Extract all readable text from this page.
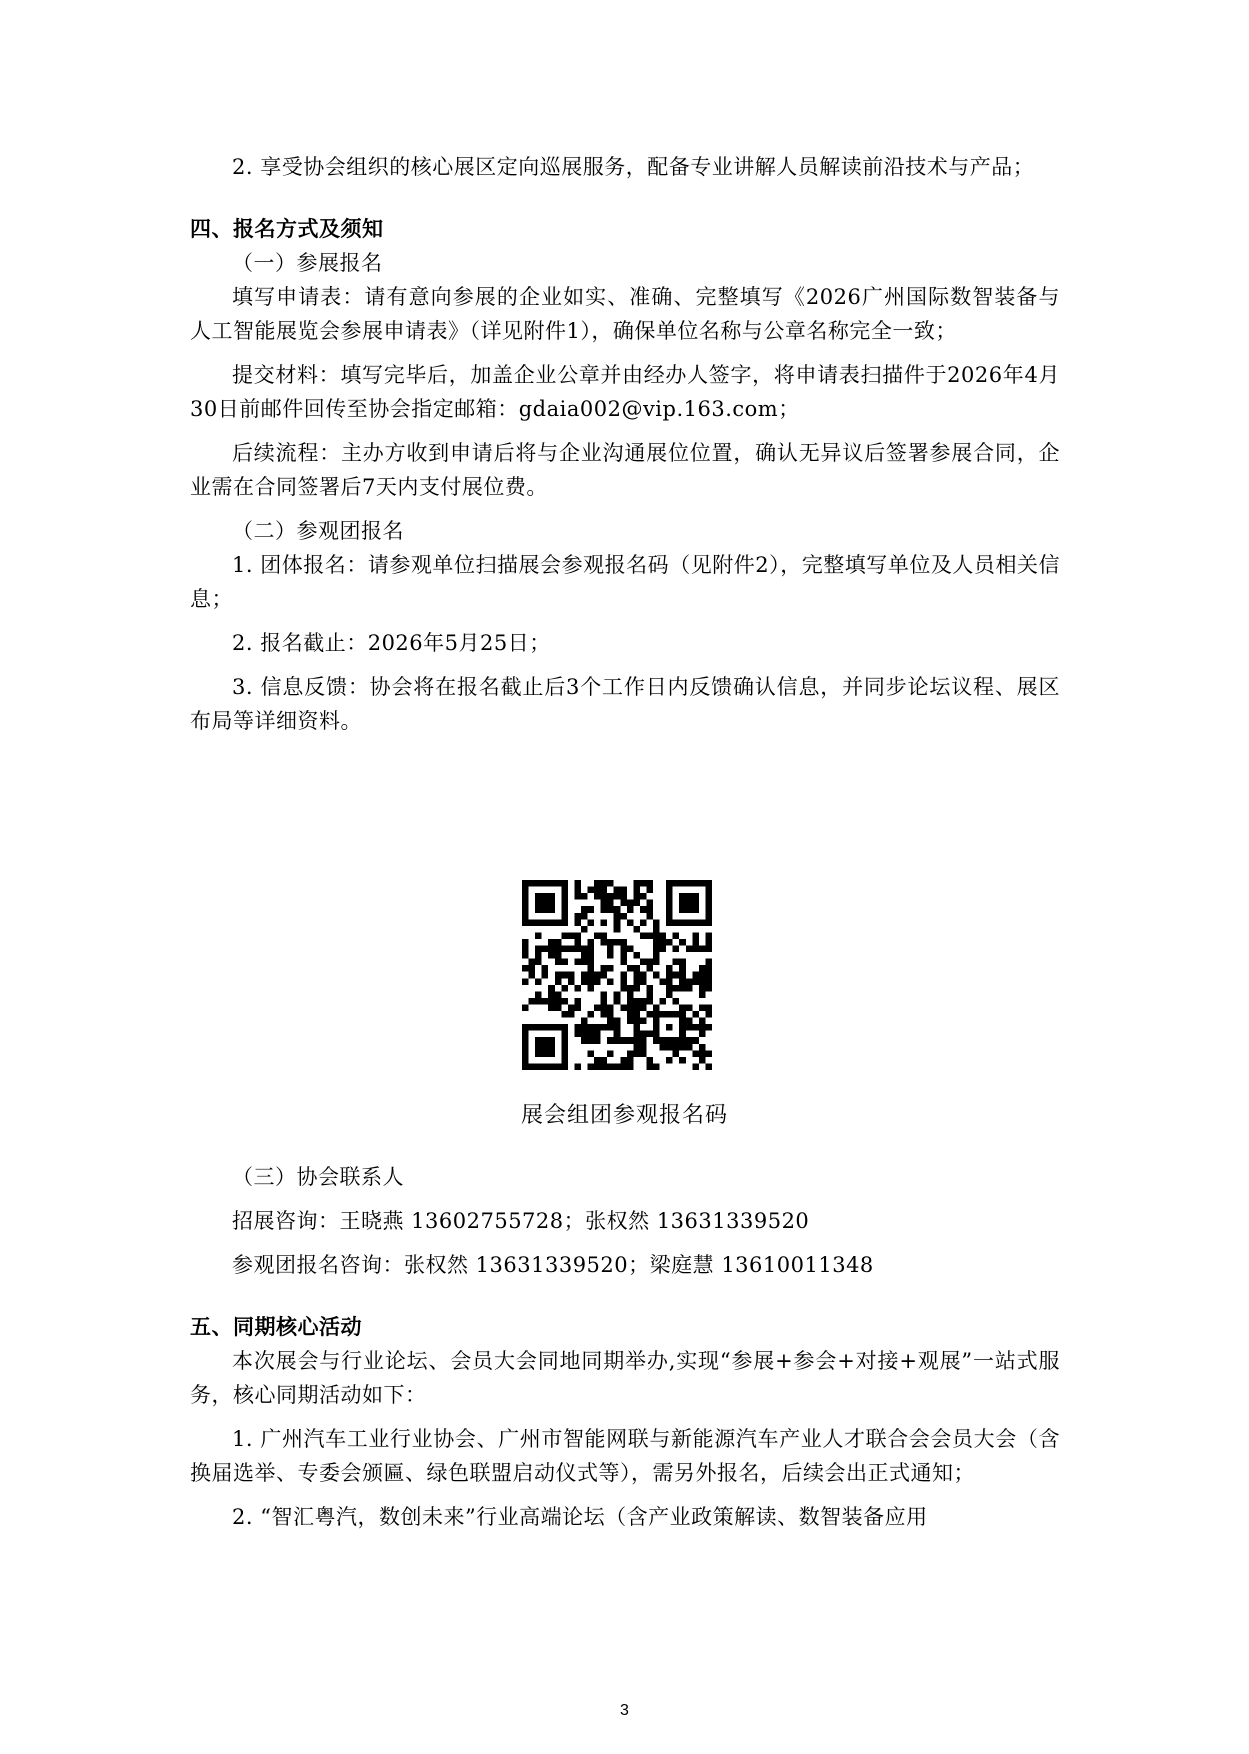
2. 享受协会组织的核心展区定向巡展服务，配备专业讲解人员解读前沿技术与产品；

四、报名方式及须知

（一）参展报名

填写申请表：请有意向参展的企业如实、准确、完整填写《2026广州国际数智装备与人工智能展览会参展申请表》（详见附件1），确保单位名称与公章名称完全一致；

提交材料：填写完毕后，加盖企业公章并由经办人签字，将申请表扫描件于2026年4月30日前邮件回传至协会指定邮箱：gdaia002@vip.163.com；

后续流程：主办方收到申请后将与企业沟通展位位置，确认无异议后签署参展合同，企业需在合同签署后7天内支付展位费。

（二）参观团报名

1. 团体报名：请参观单位扫描展会参观报名码（见附件2），完整填写单位及人员相关信息；

2. 报名截止：2026年5月25日；

3. 信息反馈：协会将在报名截止后3个工作日内反馈确认信息，并同步论坛议程、展区布局等详细资料。

展会组团参观报名码

（三）协会联系人

招展咨询：王晓燕 13602755728；张权然 13631339520

参观团报名咨询：张权然 13631339520；梁庭慧 13610011348

五、同期核心活动

本次展会与行业论坛、会员大会同地同期举办,实现“参展+参会+对接+观展”一站式服务，核心同期活动如下：

1. 广州汽车工业行业协会、广州市智能网联与新能源汽车产业人才联合会会员大会（含换届选举、专委会颁匾、绿色联盟启动仪式等），需另外报名，后续会出正式通知；

2. “智汇粤汽，数创未来”行业高端论坛（含产业政策解读、数智装备应用

3
